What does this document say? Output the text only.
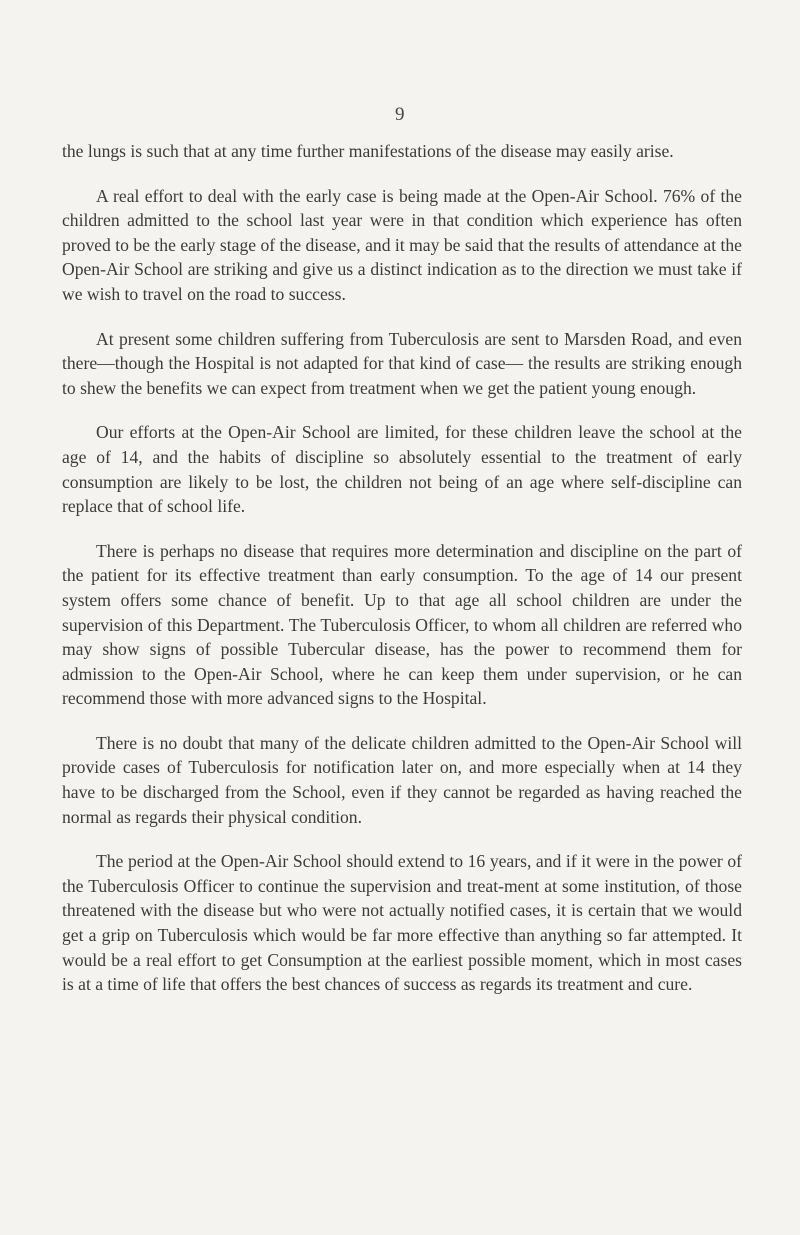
9

the lungs is such that at any time further manifestations of the disease may easily arise.

A real effort to deal with the early case is being made at the Open-Air School. 76% of the children admitted to the school last year were in that condition which experience has often proved to be the early stage of the disease, and it may be said that the results of attendance at the Open-Air School are striking and give us a distinct indication as to the direction we must take if we wish to travel on the road to success.

At present some children suffering from Tuberculosis are sent to Marsden Road, and even there—though the Hospital is not adapted for that kind of case— the results are striking enough to shew the benefits we can expect from treatment when we get the patient young enough.

Our efforts at the Open-Air School are limited, for these children leave the school at the age of 14, and the habits of discipline so absolutely essential to the treatment of early consumption are likely to be lost, the children not being of an age where self-discipline can replace that of school life.

There is perhaps no disease that requires more determination and discipline on the part of the patient for its effective treatment than early consumption. To the age of 14 our present system offers some chance of benefit. Up to that age all school children are under the supervision of this Department. The Tuberculosis Officer, to whom all children are referred who may show signs of possible Tubercular disease, has the power to recommend them for admission to the Open-Air School, where he can keep them under supervision, or he can recommend those with more advanced signs to the Hospital.

There is no doubt that many of the delicate children admitted to the Open-Air School will provide cases of Tuberculosis for notification later on, and more especially when at 14 they have to be discharged from the School, even if they cannot be regarded as having reached the normal as regards their physical condition.

The period at the Open-Air School should extend to 16 years, and if it were in the power of the Tuberculosis Officer to continue the supervision and treat-ment at some institution, of those threatened with the disease but who were not actually notified cases, it is certain that we would get a grip on Tuberculosis which would be far more effective than anything so far attempted. It would be a real effort to get Consumption at the earliest possible moment, which in most cases is at a time of life that offers the best chances of success as regards its treatment and cure.
